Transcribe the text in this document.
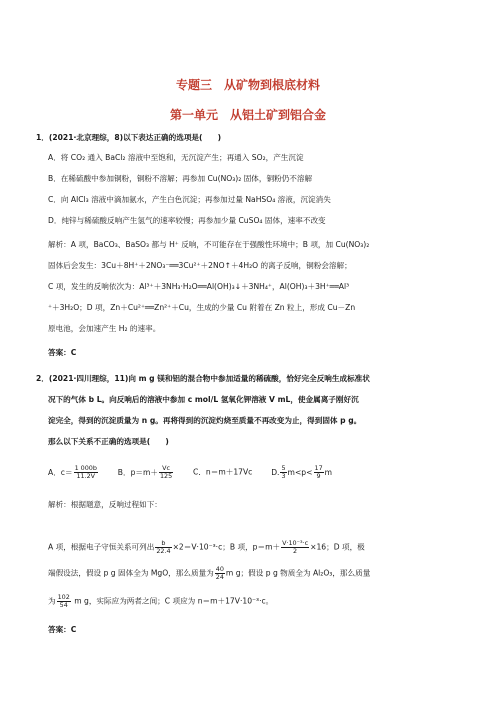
专题三　从矿物到根底材料
第一单元　从铝土矿到铝合金
1．(2021·北京理综，8)以下表达正确的选项是(　　)
A．将 CO₂ 通入 BaCl₂ 溶液中至饱和，无沉淀产生；再通入 SO₂，产生沉淀
B．在稀硫酸中参加铜粉，铜粉不溶解；再参加 Cu(NO₃)₂ 固体，铜粉仍不溶解
C．向 AlCl₃ 溶液中滴加氨水，产生白色沉淀；再参加过量 NaHSO₄ 溶液，沉淀消失
D．纯锌与稀硫酸反响产生氢气的速率较慢；再参加少量 CuSO₄ 固体，速率不改变
解析：A 项，BaCO₃、BaSO₃ 都与 H⁺ 反响，不可能存在于强酸性环境中；B 项，加 Cu(NO₃)₂
固体后会发生：3Cu＋8H⁺＋2NO₃⁻══3Cu²⁺＋2NO↑＋4H₂O 的离子反响，铜粉会溶解；
C 项，发生的反响依次为：Al³⁺＋3NH₃·H₂O══Al(OH)₃↓＋3NH₄⁺，Al(OH)₃＋3H⁺══Al³
⁺＋3H₂O；D 项，Zn＋Cu²⁺══Zn²⁺＋Cu，生成的少量 Cu 附着在 Zn 粒上，形成 Cu－Zn
原电池，会加速产生 H₂ 的速率。
答案：C
2．(2021·四川理综，11)向 m g 镁和铝的混合物中参加适量的稀硫酸，恰好完全反响生成标准状
况下的气体 b L。向反响后的溶液中参加 c mol/L 氢氧化钾溶液 V mL，使金属离子刚好沉
淀完全，得到的沉淀质量为 n g。再将得到的沉淀灼烧至质量不再改变为止，得到固体 p g。
那么以下关系不正确的选项是(　　)
A．$c= \frac{1 000b}{11.2V}$	B．$p=m+ \frac{Vc}{125}$	C．n＝m＋17Vc D. $\frac{5}{3} m<p< \frac{17}{9}$ m
解析：根据题意，反响过程如下：
A 项，根据电子守恒关系可列出 $\frac{b}{22.4} \times 2=V\cdot 10^{-3}\cdot c$；B 项，$p=m+ \frac{\text{V·10⁻³·c}}{2} \times 16$；D 项，极
端假设法，假设 p g 固体全为 MgO，那么质量为 $\frac{40}{24}$ m g；假设 p g 物质全为 Al₂O₃，那么质量
为 $\frac{102}{54}$ m g，实际应为两者之间；C 项应为 n＝m＋17V·10⁻³·c。
答案：C
